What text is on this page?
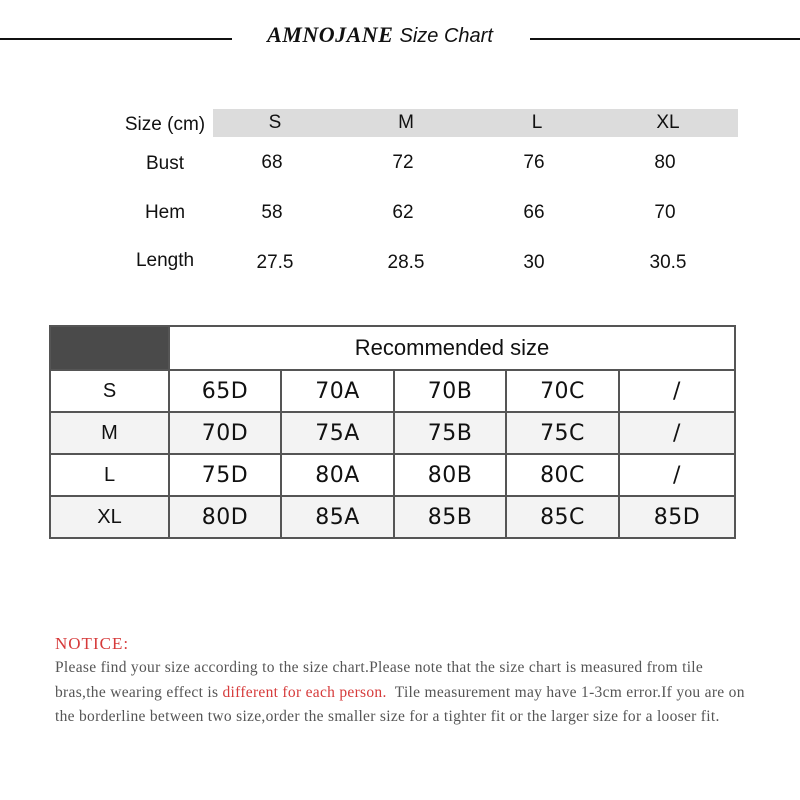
AMNOJANE Size Chart
Size (cm)	S	M	L	XL
Bust	68	72	76	80
Hem	58	62	66	70
Length	27.5	28.5	30	30.5
	Recommended size				
S	65D	70A	70B	70C	/
M	70D	75A	75B	75C	/
L	75D	80A	80B	80C	/
XL	80D	85A	85B	85C	85D
NOTICE:
Please find your size according to the size chart.Please note that the size chart is measured from tile bras,the wearing effect is different for each person.  Tile measurement may have 1-3cm error.If you are on the borderline between two size,order the smaller size for a tighter fit or the larger size for a looser fit.
